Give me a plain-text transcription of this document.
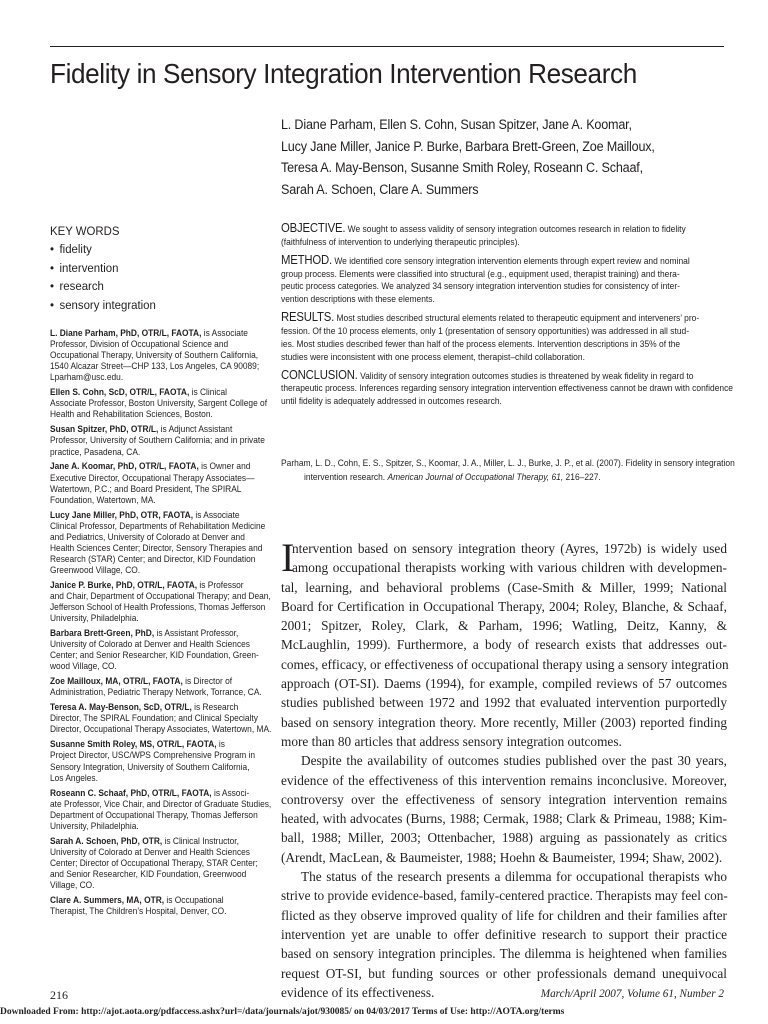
Fidelity in Sensory Integration Intervention Research
L. Diane Parham, Ellen S. Cohn, Susan Spitzer, Jane A. Koomar,
Lucy Jane Miller, Janice P. Burke, Barbara Brett-Green, Zoe Mailloux,
Teresa A. May-Benson, Susanne Smith Roley, Roseann C. Schaaf,
Sarah A. Schoen, Clare A. Summers
KEY WORDS
• fidelity
• intervention
• research
• sensory integration
L. Diane Parham, PhD, OTR/L, FAOTA, is Associate
Professor, Division of Occupational Science and
Occupational Therapy, University of Southern California,
1540 Alcazar Street—CHP 133, Los Angeles, CA 90089;
Lparham@usc.edu.
Ellen S. Cohn, ScD, OTR/L, FAOTA, is Clinical
Associate Professor, Boston University, Sargent College of
Health and Rehabilitation Sciences, Boston.
Susan Spitzer, PhD, OTR/L, is Adjunct Assistant
Professor, University of Southern California; and in private
practice, Pasadena, CA.
Jane A. Koomar, PhD, OTR/L, FAOTA, is Owner and
Executive Director, Occupational Therapy Associates—
Watertown, P.C.; and Board President, The SPIRAL
Foundation, Watertown, MA.
Lucy Jane Miller, PhD, OTR, FAOTA, is Associate
Clinical Professor, Departments of Rehabilitation Medicine
and Pediatrics, University of Colorado at Denver and
Health Sciences Center; Director, Sensory Therapies and
Research (STAR) Center; and Director, KID Foundation
Greenwood Village, CO.
Janice P. Burke, PhD, OTR/L, FAOTA, is Professor
and Chair, Department of Occupational Therapy; and Dean,
Jefferson School of Health Professions, Thomas Jefferson
University, Philadelphia.
Barbara Brett-Green, PhD, is Assistant Professor,
University of Colorado at Denver and Health Sciences
Center; and Senior Researcher, KID Foundation, Green-
wood Village, CO.
Zoe Mailloux, MA, OTR/L, FAOTA, is Director of
Administration, Pediatric Therapy Network, Torrance, CA.
Teresa A. May-Benson, ScD, OTR/L, is Research
Director, The SPIRAL Foundation; and Clinical Specialty
Director, Occupational Therapy Associates, Watertown, MA.
Susanne Smith Roley, MS, OTR/L, FAOTA, is
Project Director, USC/WPS Comprehensive Program in
Sensory Integration, University of Southern California,
Los Angeles.
Roseann C. Schaaf, PhD, OTR/L, FAOTA, is Associ-
ate Professor, Vice Chair, and Director of Graduate Studies,
Department of Occupational Therapy, Thomas Jefferson
University, Philadelphia.
Sarah A. Schoen, PhD, OTR, is Clinical Instructor,
University of Colorado at Denver and Health Sciences
Center; Director of Occupational Therapy, STAR Center;
and Senior Researcher, KID Foundation, Greenwood
Village, CO.
Clare A. Summers, MA, OTR, is Occupational
Therapist, The Children’s Hospital, Denver, CO.
OBJECTIVE. We sought to assess validity of sensory integration outcomes research in relation to fidelity
(faithfulness of intervention to underlying therapeutic principles).
METHOD. We identified core sensory integration intervention elements through expert review and nominal
group process. Elements were classified into structural (e.g., equipment used, therapist training) and thera-
peutic process categories. We analyzed 34 sensory integration intervention studies for consistency of inter-
vention descriptions with these elements.
RESULTS. Most studies described structural elements related to therapeutic equipment and interveners’ pro-
fession. Of the 10 process elements, only 1 (presentation of sensory opportunities) was addressed in all stud-
ies. Most studies described fewer than half of the process elements. Intervention descriptions in 35% of the
studies were inconsistent with one process element, therapist–child collaboration.
CONCLUSION. Validity of sensory integration outcomes studies is threatened by weak fidelity in regard to
therapeutic process. Inferences regarding sensory integration intervention effectiveness cannot be drawn with confidence
until fidelity is adequately addressed in outcomes research.
Parham, L. D., Cohn, E. S., Spitzer, S., Koomar, J. A., Miller, L. J., Burke, J. P., et al. (2007). Fidelity in sensory integration
intervention research. American Journal of Occupational Therapy, 61, 216–227.
I
ntervention based on sensory integration theory (Ayres, 1972b) is widely used
among occupational therapists working with various children with developmen-
tal, learning, and behavioral problems (Case-Smith & Miller, 1999; National
Board for Certification in Occupational Therapy, 2004; Roley, Blanche, & Schaaf,
2001; Spitzer, Roley, Clark, & Parham, 1996; Watling, Deitz, Kanny, &
McLaughlin, 1999). Furthermore, a body of research exists that addresses out-
comes, efficacy, or effectiveness of occupational therapy using a sensory integration
approach (OT-SI). Daems (1994), for example, compiled reviews of 57 outcomes
studies published between 1972 and 1992 that evaluated intervention purportedly
based on sensory integration theory. More recently, Miller (2003) reported finding
more than 80 articles that address sensory integration outcomes.
Despite the availability of outcomes studies published over the past 30 years,
evidence of the effectiveness of this intervention remains inconclusive. Moreover,
controversy over the effectiveness of sensory integration intervention remains
heated, with advocates (Burns, 1988; Cermak, 1988; Clark & Primeau, 1988; Kim-
ball, 1988; Miller, 2003; Ottenbacher, 1988) arguing as passionately as critics
(Arendt, MacLean, & Baumeister, 1988; Hoehn & Baumeister, 1994; Shaw, 2002).
The status of the research presents a dilemma for occupational therapists who
strive to provide evidence-based, family-centered practice. Therapists may feel con-
flicted as they observe improved quality of life for children and their families after
intervention yet are unable to offer definitive research to support their practice
based on sensory integration principles. The dilemma is heightened when families
request OT-SI, but funding sources or other professionals demand unequivocal
evidence of its effectiveness.
216	March/April 2007, Volume 61, Number 2
Downloaded From: http://ajot.aota.org/pdfaccess.ashx?url=/data/journals/ajot/930085/ on 04/03/2017 Terms of Use: http://AOTA.org/terms
